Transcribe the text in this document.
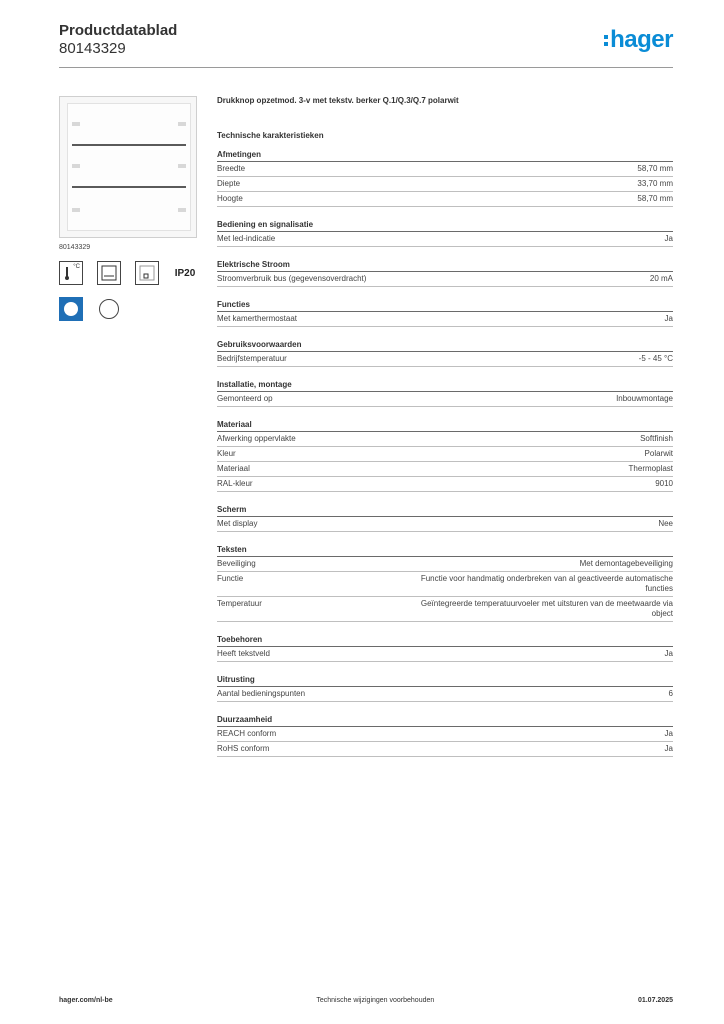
Productdatablad
80143329	hager
80143329
°C
IP20
Drukknop opzetmod. 3-v met tekstv. berker Q.1/Q.3/Q.7 polarwit
Technische karakteristieken
Afmetingen
Breedte	58,70 mm
Diepte	33,70 mm
Hoogte	58,70 mm
Bediening en signalisatie
Met led-indicatie	Ja
Elektrische Stroom
Stroomverbruik bus (gegevensoverdracht)	20 mA
Functies
Met kamerthermostaat	Ja
Gebruiksvoorwaarden
Bedrijfstemperatuur	-5 - 45 °C
Installatie, montage
Gemonteerd op	Inbouwmontage
Materiaal
Afwerking oppervlakte	Softfinish
Kleur	Polarwit
Materiaal	Thermoplast
RAL-kleur	9010
Scherm
Met display	Nee
Teksten
Beveiliging	Met demontagebeveiliging
Functie	Functie voor handmatig onderbreken van al geactiveerde automatische functies
Temperatuur	Geïntegreerde temperatuurvoeler met uitsturen van de meetwaarde via object
Toebehoren
Heeft tekstveld	Ja
Uitrusting
Aantal bedieningspunten	6
Duurzaamheid
REACH conform	Ja
RoHS conform	Ja
hager.com/nl-be	Technische wijzigingen voorbehouden	01.07.2025
